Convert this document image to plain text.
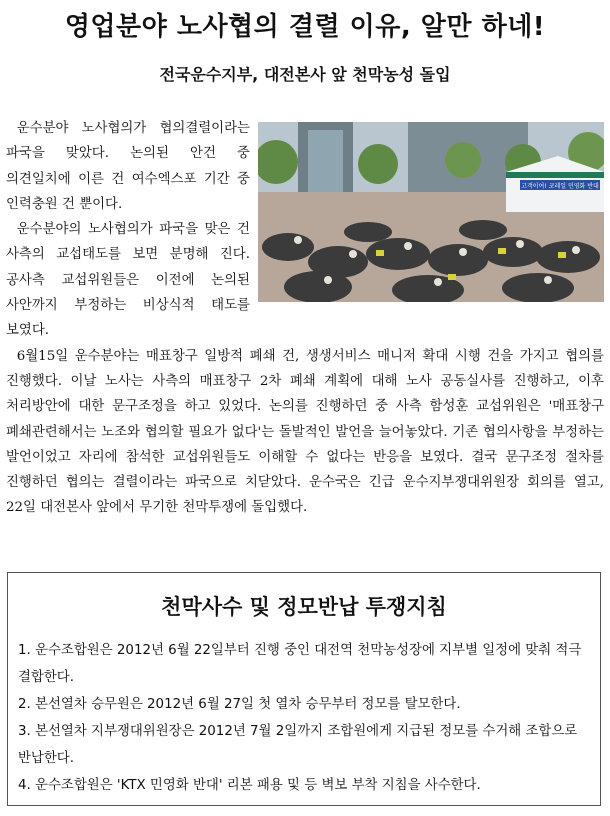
영업분야 노사협의 결렬 이유, 알만 하네!
전국운수지부, 대전본사 앞 천막농성 돌입
고객이여! 코레일 민영화 반대

운수분야 노사협의가 협의결렬이라는 파국을 맞았다. 논의된 안건 중 의견일치에 이른 건 여수엑스포 기간 중 인력충원 건 뿐이다.

운수분야의 노사협의가 파국을 맞은 건 사측의 교섭태도를 보면 분명해 진다. 공사측 교섭위원들은 이전에 논의된 사안까지 부정하는 비상식적 태도를 보였다.

6월15일 운수분야는 매표창구 일방적 폐쇄 건, 생생서비스 매니저 확대 시행 건을 가지고 협의를 진행했다. 이날 노사는 사측의 매표창구 2차 폐쇄 계획에 대해 노사 공동실사를 진행하고, 이후 처리방안에 대한 문구조정을 하고 있었다. 논의를 진행하던 중 사측 함성훈 교섭위원은 '매표창구 폐쇄관련해서는 노조와 협의할 필요가 없다'는 돌발적인 발언을 늘어놓았다. 기존 협의사항을 부정하는 발언이었고 자리에 참석한 교섭위원들도 이해할 수 없다는 반응을 보였다. 결국 문구조정 절차를 진행하던 협의는 결렬이라는 파국으로 치닫았다. 운수국은 긴급 운수지부쟁대위원장 회의를 열고, 22일 대전본사 앞에서 무기한 천막투쟁에 돌입했다.

천막사수 및 정모반납 투쟁지침
1. 운수조합원은 2012년 6월 22일부터 진행 중인 대전역 천막농성장에 지부별 일정에 맞춰 적극 결합한다.
2. 본선열차 승무원은 2012년 6월 27일 첫 열차 승무부터 정모를 탈모한다.
3. 본선열차 지부쟁대위원장은 2012년 7월 2일까지 조합원에게 지급된 정모를 수거해 조합으로 반납한다.
4. 운수조합원은 'KTX 민영화 반대' 리본 패용 및 등 벽보 부착 지침을 사수한다.
